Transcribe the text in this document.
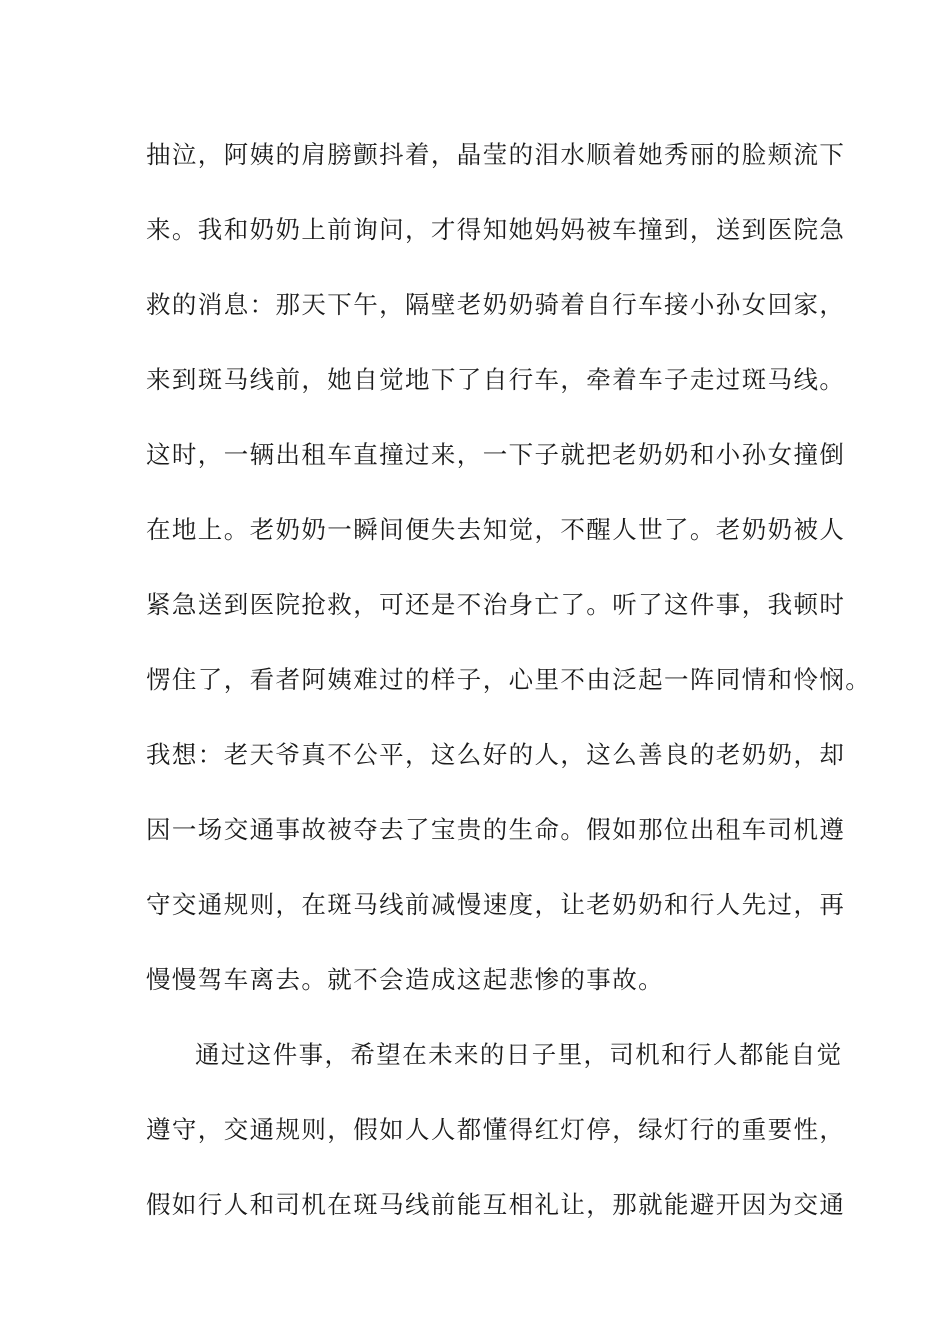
抽泣，阿姨的肩膀颤抖着，晶莹的泪水顺着她秀丽的脸颊流下
来。我和奶奶上前询问，才得知她妈妈被车撞到，送到医院急
救的消息：那天下午，隔壁老奶奶骑着自行车接小孙女回家，
来到斑马线前，她自觉地下了自行车，牵着车子走过斑马线。
这时，一辆出租车直撞过来，一下子就把老奶奶和小孙女撞倒
在地上。老奶奶一瞬间便失去知觉，不醒人世了。老奶奶被人
紧急送到医院抢救，可还是不治身亡了。听了这件事，我顿时
愣住了，看者阿姨难过的样子，心里不由泛起一阵同情和怜悯。
我想：老天爷真不公平，这么好的人，这么善良的老奶奶，却
因一场交通事故被夺去了宝贵的生命。假如那位出租车司机遵
守交通规则，在斑马线前减慢速度，让老奶奶和行人先过，再
慢慢驾车离去。就不会造成这起悲惨的事故。
通过这件事，希望在未来的日子里，司机和行人都能自觉
遵守，交通规则，假如人人都懂得红灯停，绿灯行的重要性，
假如行人和司机在斑马线前能互相礼让，那就能避开因为交通
